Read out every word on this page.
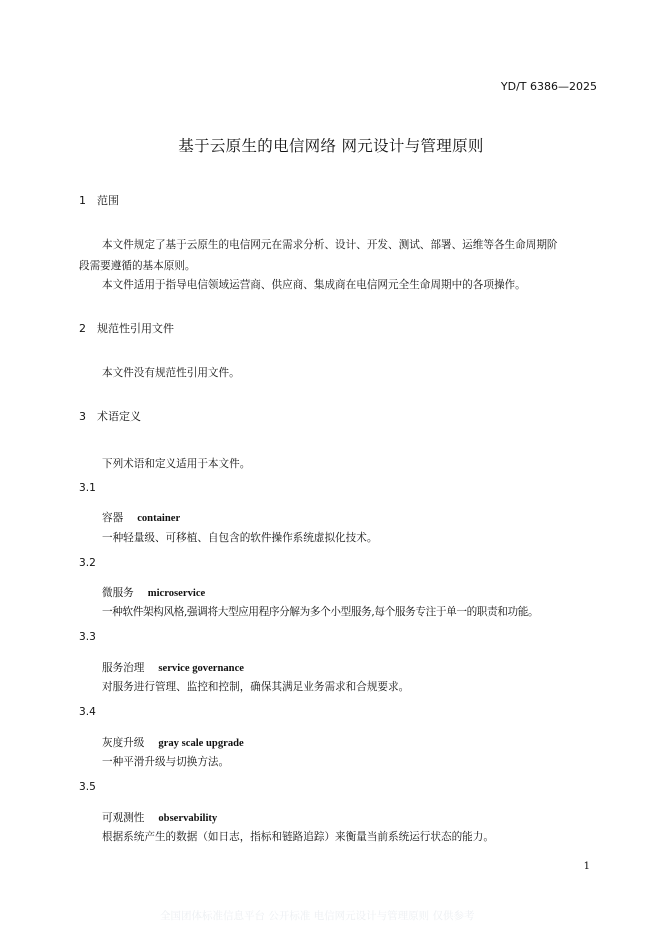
YD/T 6386—2025
基于云原生的电信网络 网元设计与管理原则
1 范围
本文件规定了基于云原生的电信网元在需求分析、设计、开发、测试、部署、运维等各生命周期阶
段需要遵循的基本原则。
本文件适用于指导电信领域运营商、供应商、集成商在电信网元全生命周期中的各项操作。
2 规范性引用文件
本文件没有规范性引用文件。
3 术语定义
下列术语和定义适用于本文件。
3.1
容器 container
一种轻量级、可移植、自包含的软件操作系统虚拟化技术。
3.2
微服务 microservice
一种软件架构风格,强调将大型应用程序分解为多个小型服务,每个服务专注于单一的职责和功能。
3.3
服务治理 service governance
对服务进行管理、监控和控制，确保其满足业务需求和合规要求。
3.4
灰度升级 gray scale upgrade
一种平滑升级与切换方法。
3.5
可观测性 observability
根据系统产生的数据（如日志，指标和链路追踪）来衡量当前系统运行状态的能力。
1
全国团体标准信息平台 公开标准 电信网元设计与管理原则 仅供参考
